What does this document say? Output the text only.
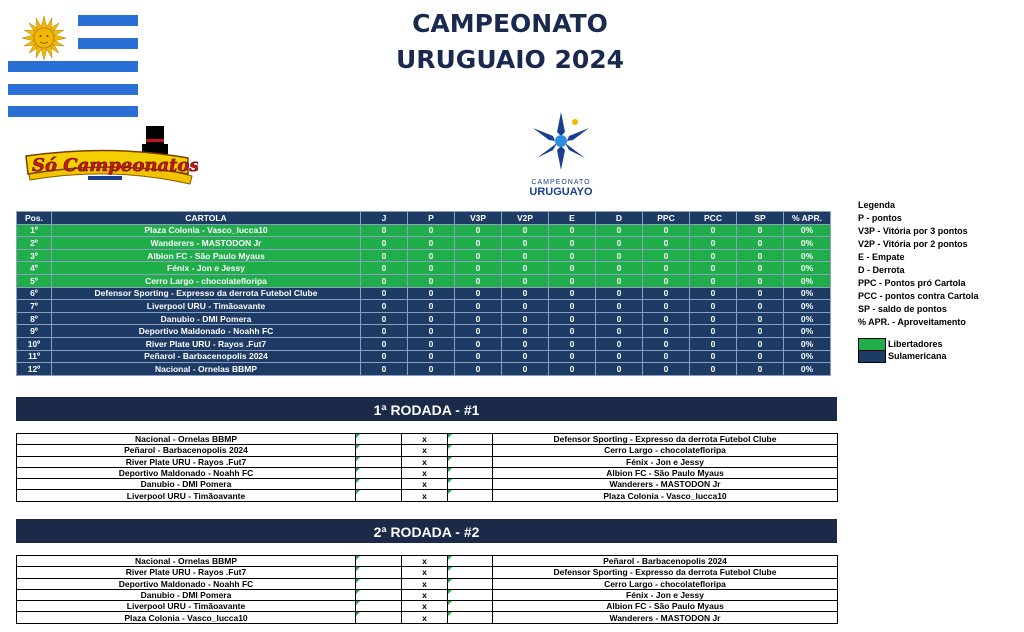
Só Campeonatos
CAMPEONATO
URUGUAIO 2024
CAMPEONATO
URUGUAYO
Pos.	CARTOLA	J	P	V3P	V2P	E	D	PPC	PCC	SP	% APR.
1º	Plaza Colonia - Vasco_lucca10	0	0	0	0	0	0	0	0	0	0%
2º	Wanderers - MASTODON Jr	0	0	0	0	0	0	0	0	0	0%
3º	Albion FC - São Paulo Myaus	0	0	0	0	0	0	0	0	0	0%
4º	Fénix - Jon e Jessy	0	0	0	0	0	0	0	0	0	0%
5º	Cerro Largo - chocolatefloripa	0	0	0	0	0	0	0	0	0	0%
6º	Defensor Sporting - Expresso da derrota Futebol Clube	0	0	0	0	0	0	0	0	0	0%
7º	Liverpool URU - Timãoavante	0	0	0	0	0	0	0	0	0	0%
8º	Danubio - DMI Pomera	0	0	0	0	0	0	0	0	0	0%
9º	Deportivo Maldonado - Noahh FC	0	0	0	0	0	0	0	0	0	0%
10º	River Plate URU - Rayos .Fut7	0	0	0	0	0	0	0	0	0	0%
11º	Peñarol - Barbacenopolis 2024	0	0	0	0	0	0	0	0	0	0%
12º	Nacional - Ornelas BBMP	0	0	0	0	0	0	0	0	0	0%
Legenda
P - pontos
V3P - Vitória por 3 pontos
V2P - Vitória por 2 pontos
E - Empate
D - Derrota
PPC - Pontos pró Cartola
PCC - pontos contra Cartola
SP - saldo de pontos
% APR. - Aproveitamento
Libertadores
Sulamericana
1ª RODADA - #1
Nacional - Ornelas BBMP		x		Defensor Sporting - Expresso da derrota Futebol Clube
Peñarol - Barbacenopolis 2024		x		Cerro Largo - chocolatefloripa
River Plate URU - Rayos .Fut7		x		Fénix - Jon e Jessy
Deportivo Maldonado - Noahh FC		x		Albion FC - São Paulo Myaus
Danubio - DMI Pomera		x		Wanderers - MASTODON Jr
Liverpool URU - Timãoavante		x		Plaza Colonia - Vasco_lucca10
2ª RODADA - #2
Nacional - Ornelas BBMP		x		Peñarol - Barbacenopolis 2024
River Plate URU - Rayos .Fut7		x		Defensor Sporting - Expresso da derrota Futebol Clube
Deportivo Maldonado - Noahh FC		x		Cerro Largo - chocolatefloripa
Danubio - DMI Pomera		x		Fénix - Jon e Jessy
Liverpool URU - Timãoavante		x		Albion FC - São Paulo Myaus
Plaza Colonia - Vasco_lucca10		x		Wanderers - MASTODON Jr
